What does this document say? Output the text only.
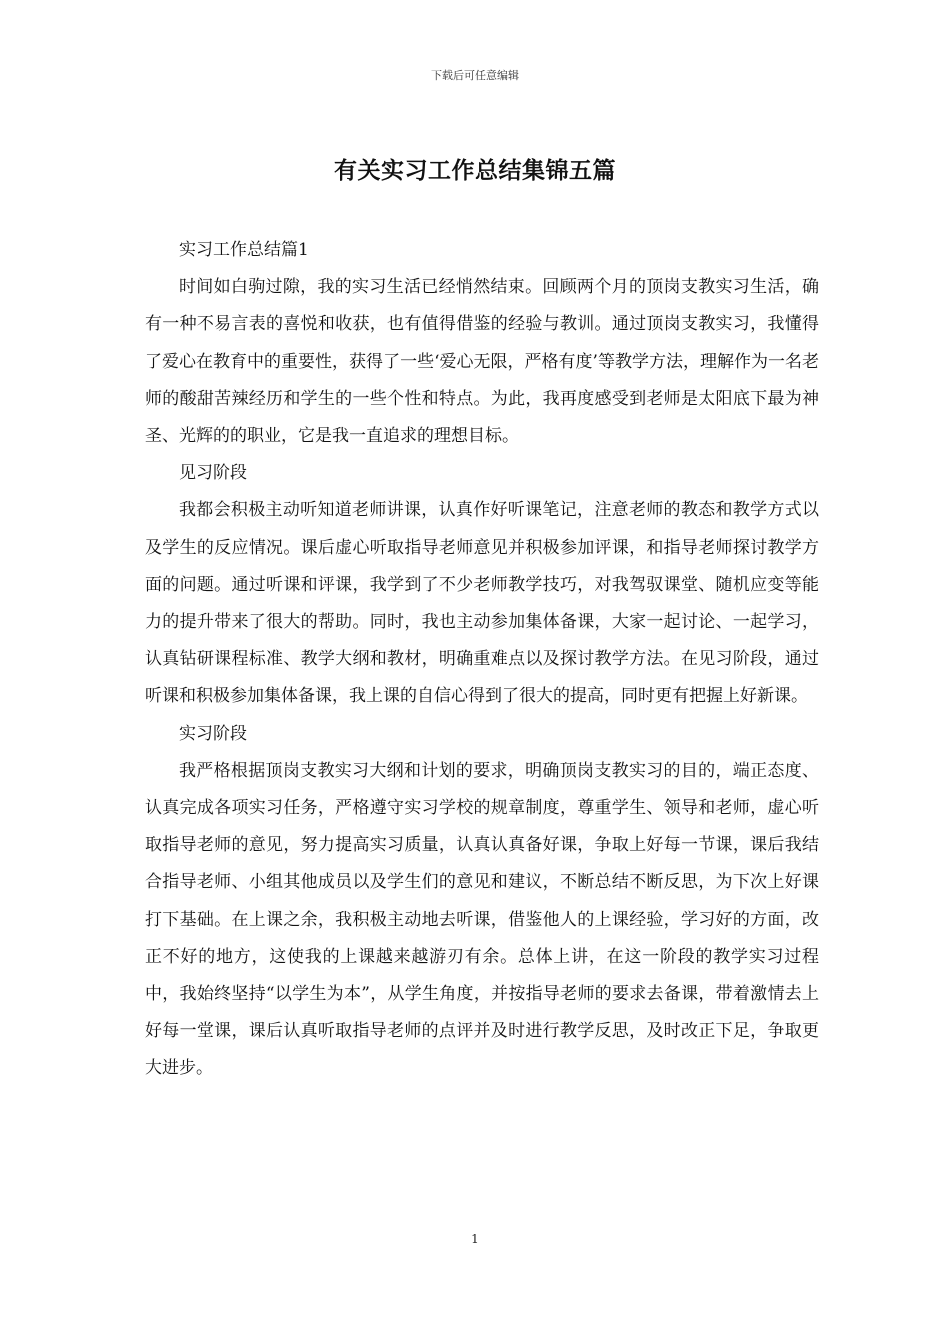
下载后可任意编辑
有关实习工作总结集锦五篇

实习工作总结篇1

时间如白驹过隙，我的实习生活已经悄然结束。回顾两个月的顶岗支教实习生活，确有一种不易言表的喜悦和收获，也有值得借鉴的经验与教训。通过顶岗支教实习，我懂得了爱心在教育中的重要性，获得了一些‘爱心无限，严格有度’等教学方法，理解作为一名老师的酸甜苦辣经历和学生的一些个性和特点。为此，我再度感受到老师是太阳底下最为神圣、光辉的的职业，它是我一直追求的理想目标。

见习阶段

我都会积极主动听知道老师讲课，认真作好听课笔记，注意老师的教态和教学方式以及学生的反应情况。课后虚心听取指导老师意见并积极参加评课，和指导老师探讨教学方面的问题。通过听课和评课，我学到了不少老师教学技巧，对我驾驭课堂、随机应变等能力的提升带来了很大的帮助。同时，我也主动参加集体备课，大家一起讨论、一起学习，认真钻研课程标准、教学大纲和教材，明确重难点以及探讨教学方法。在见习阶段，通过听课和积极参加集体备课，我上课的自信心得到了很大的提高，同时更有把握上好新课。

实习阶段

我严格根据顶岗支教实习大纲和计划的要求，明确顶岗支教实习的目的，端正态度、认真完成各项实习任务，严格遵守实习学校的规章制度，尊重学生、领导和老师，虚心听取指导老师的意见，努力提高实习质量，认真认真备好课，争取上好每一节课，课后我结合指导老师、小组其他成员以及学生们的意见和建议，不断总结不断反思，为下次上好课打下基础。在上课之余，我积极主动地去听课，借鉴他人的上课经验，学习好的方面，改正不好的地方，这使我的上课越来越游刃有余。总体上讲，在这一阶段的教学实习过程中，我始终坚持“以学生为本”，从学生角度，并按指导老师的要求去备课，带着激情去上好每一堂课，课后认真听取指导老师的点评并及时进行教学反思，及时改正下足，争取更大进步。

1
